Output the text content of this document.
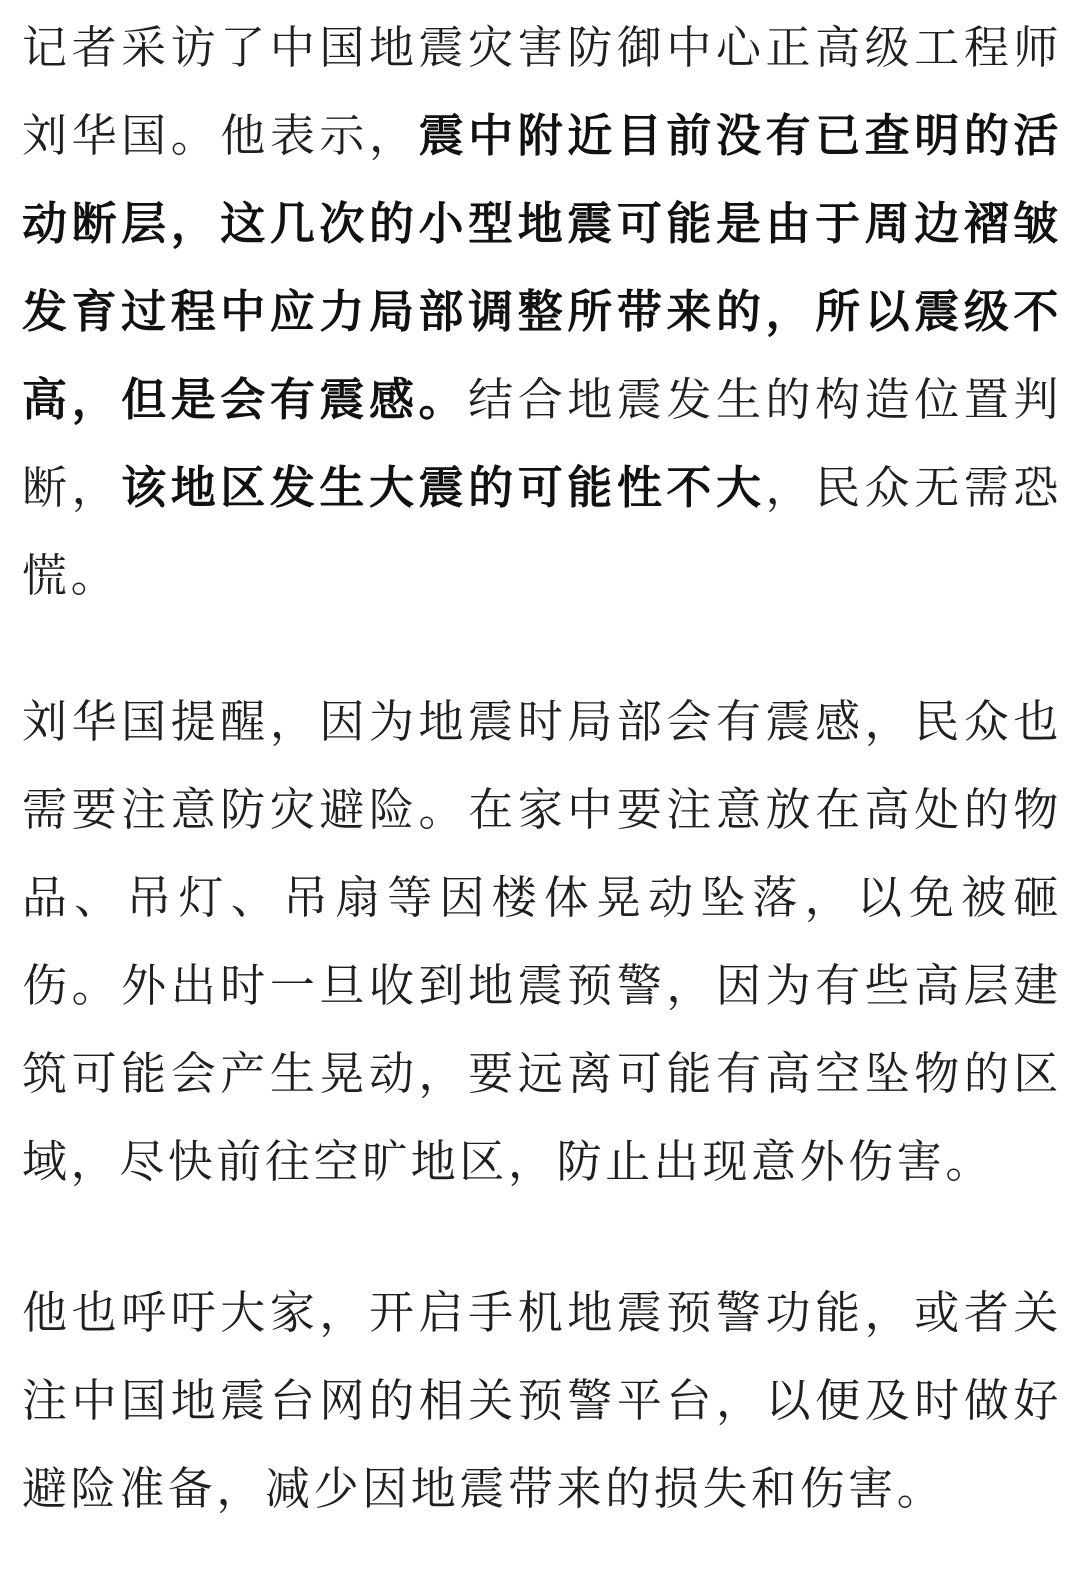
记者采访了中国地震灾害防御中心正高级工程师刘华国。他表示，震中附近目前没有已查明的活动断层，这几次的小型地震可能是由于周边褶皱发育过程中应力局部调整所带来的，所以震级不高，但是会有震感。结合地震发生的构造位置判断，该地区发生大震的可能性不大，民众无需恐慌。

刘华国提醒，因为地震时局部会有震感，民众也需要注意防灾避险。在家中要注意放在高处的物品、吊灯、吊扇等因楼体晃动坠落，以免被砸伤。外出时一旦收到地震预警，因为有些高层建筑可能会产生晃动，要远离可能有高空坠物的区域，尽快前往空旷地区，防止出现意外伤害。

他也呼吁大家，开启手机地震预警功能，或者关注中国地震台网的相关预警平台，以便及时做好避险准备，减少因地震带来的损失和伤害。
